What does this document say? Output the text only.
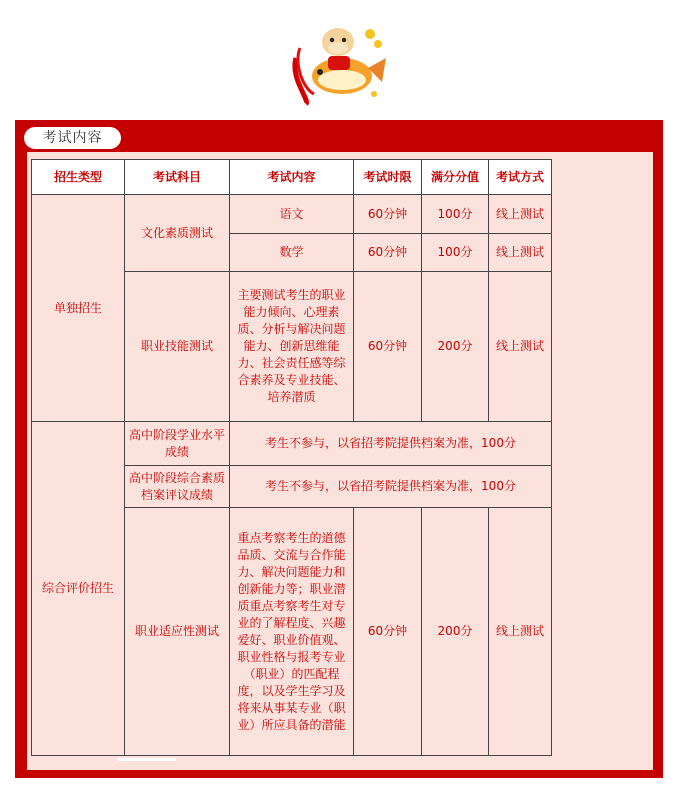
考试内容
招生类型	考试科目	考试内容	考试时限	满分分值	考试方式
单独招生	文化素质测试	语文	60分钟	100分	线上测试
		数学	60分钟	100分	线上测试
	职业技能测试	主要测试考生的职业能力倾向、心理素质、分析与解决问题能力、创新思维能力、社会责任感等综合素养及专业技能、培养潜质	60分钟	200分	线上测试
综合评价招生	高中阶段学业水平成绩	考生不参与，以省招考院提供档案为准，100分			
	高中阶段综合素质档案评议成绩	考生不参与，以省招考院提供档案为准，100分			
	职业适应性测试	重点考察考生的道德品质、交流与合作能力、解决问题能力和创新能力等；职业潜质重点考察考生对专业的了解程度、兴趣爱好、职业价值观、职业性格与报考专业（职业）的匹配程度，以及学生学习及将来从事某专业（职业）所应具备的潜能	60分钟	200分	线上测试
